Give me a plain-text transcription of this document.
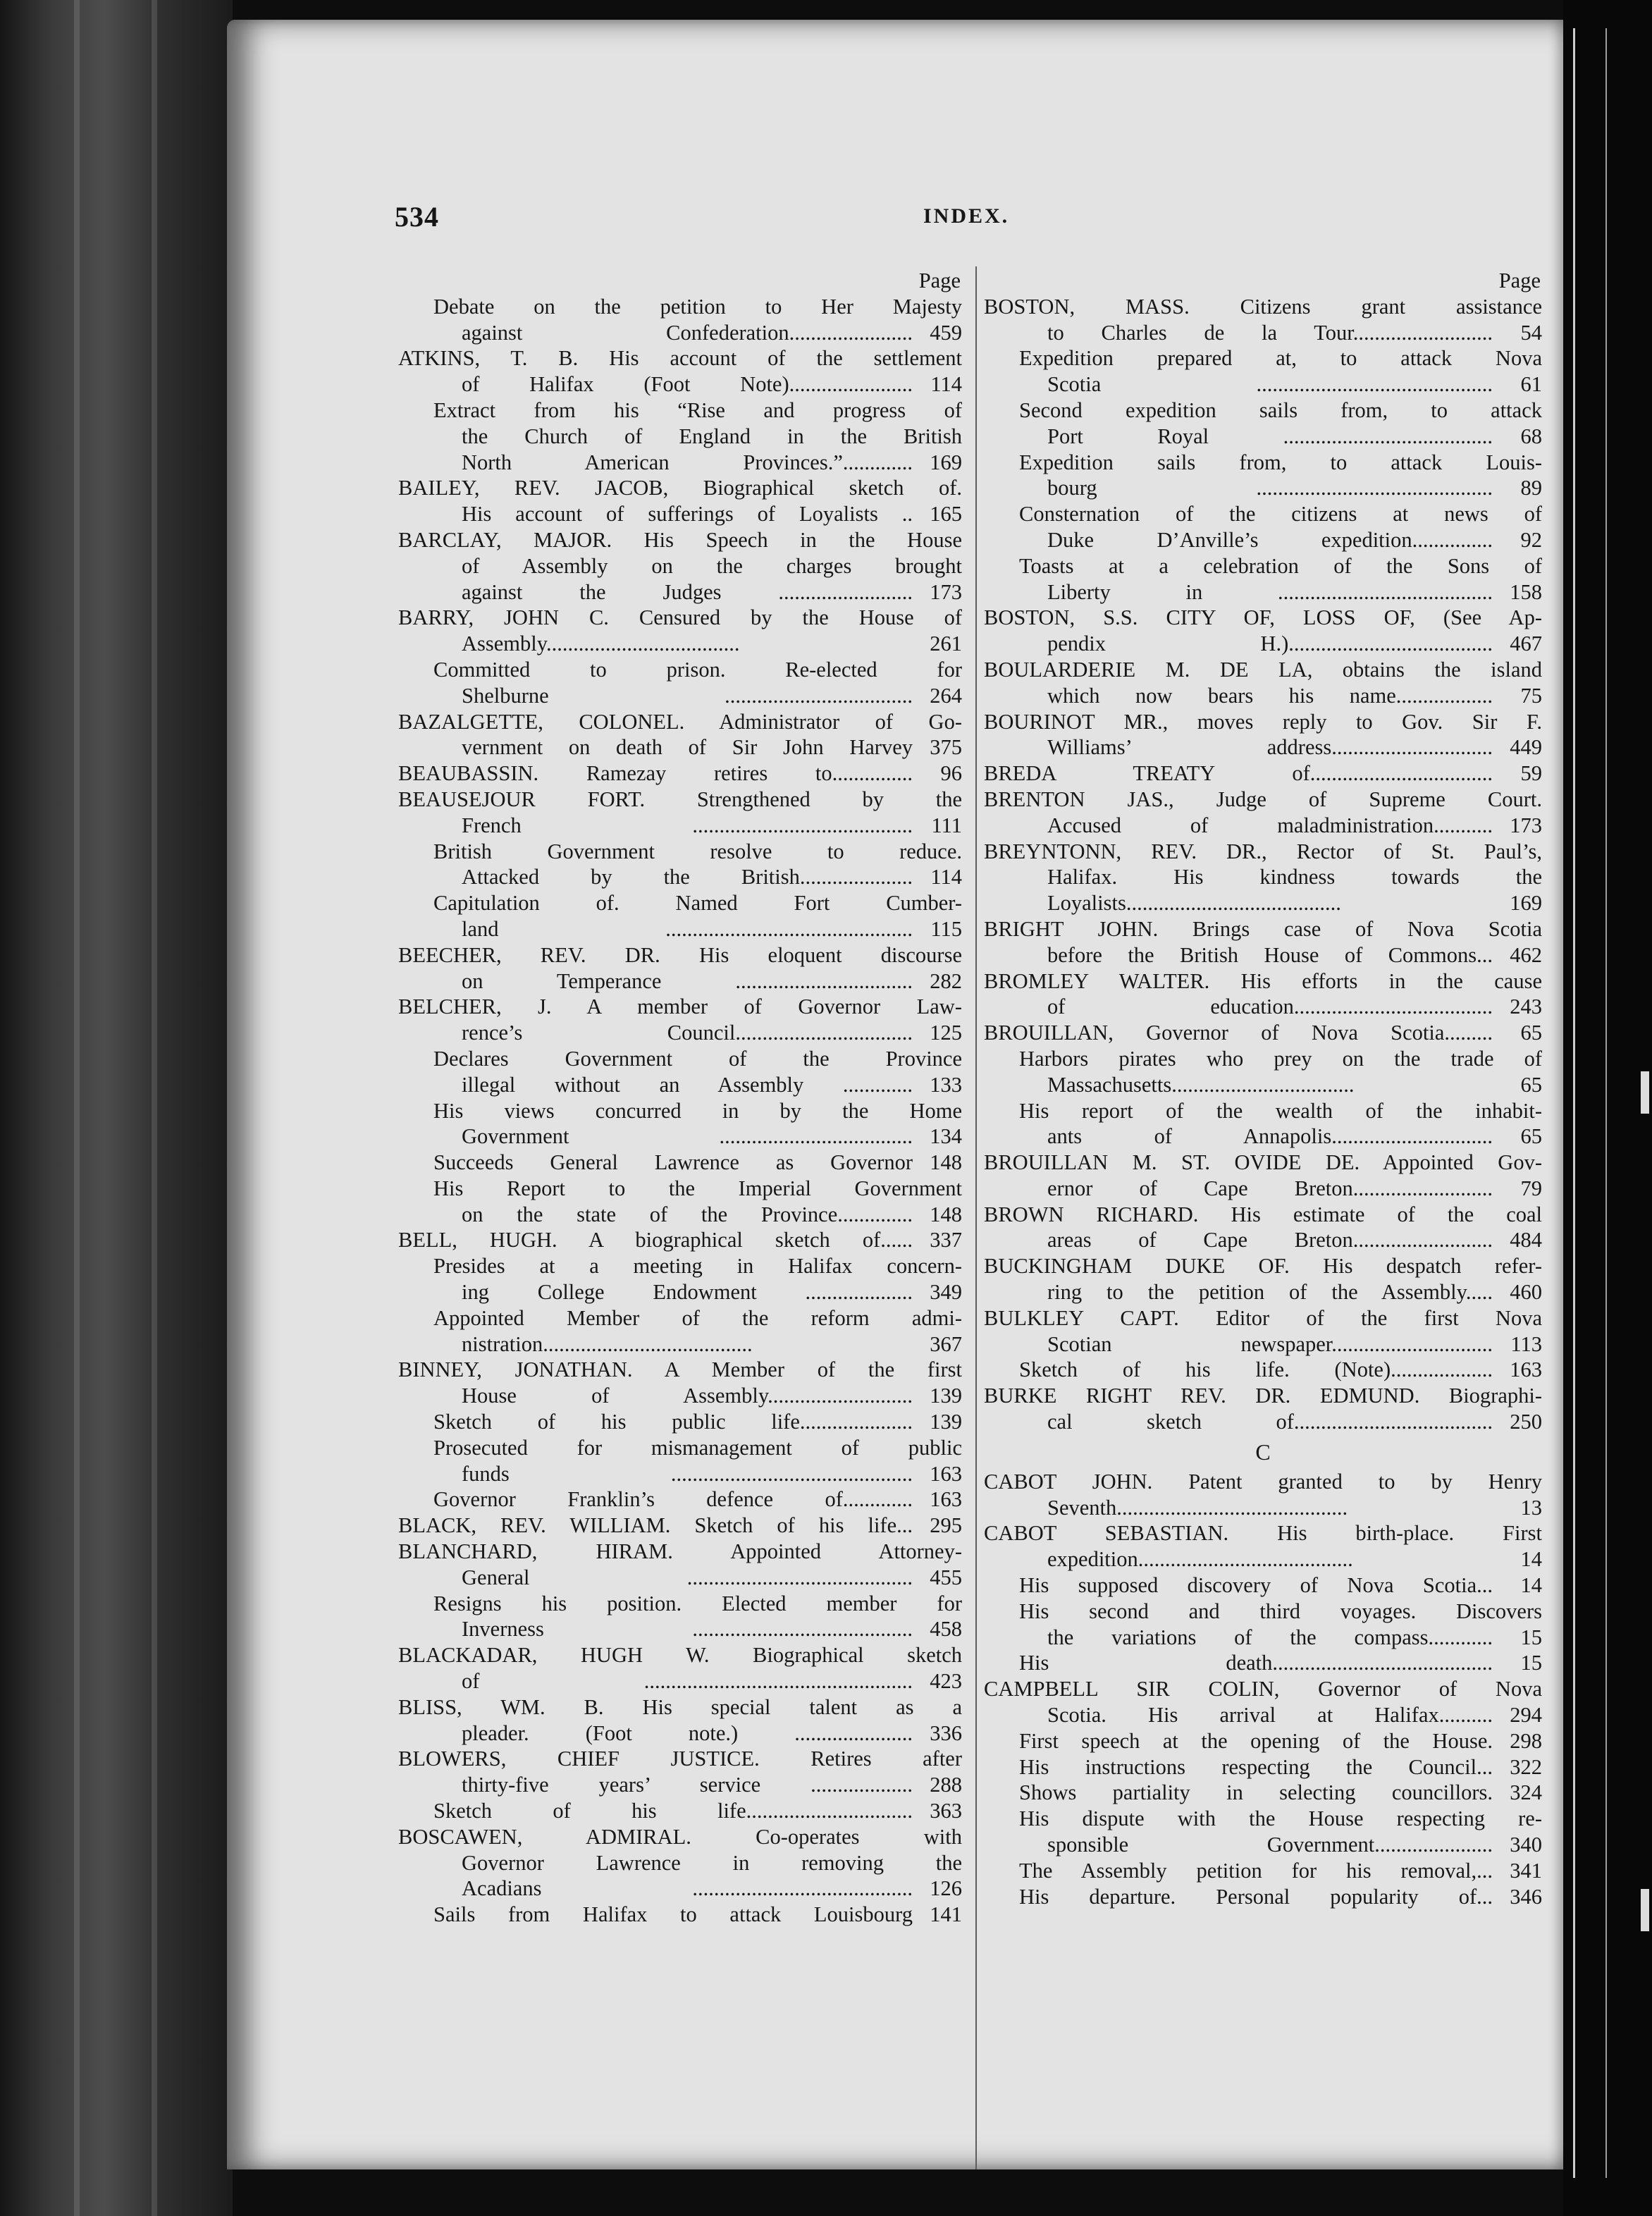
534	INDEX.
Page
Debate on the petition to Her Majesty
against Confederation....................... 459
ATKINS, T. B. His account of the settlement
of Halifax (Foot Note)....................... 114
Extract from his “Rise and progress of
the Church of England in the British
North American Provinces.”............. 169
BAILEY, REV. JACOB, Biographical sketch of.
His account of sufferings of Loyalists .. 165
BARCLAY, MAJOR. His Speech in the House
of Assembly on the charges brought
against the Judges ......................... 173
BARRY, JOHN C. Censured by the House of
Assembly....................................	261
Committed to prison. Re-elected for
Shelburne ................................... 264
BAZALGETTE, COLONEL. Administrator of Go-
vernment on death of Sir John Harvey 375
BEAUBASSIN. Ramezay retires to............... 96
BEAUSEJOUR FORT. Strengthened by the
French ......................................... 111
British Government resolve to reduce.
Attacked by the British..................... 114
Capitulation of. Named Fort Cumber-
land .............................................. 115
BEECHER, REV. DR. His eloquent discourse
on Temperance ................................. 282
BELCHER, J. A member of Governor Law-
rence’s Council................................. 125
Declares Government of the Province
illegal without an Assembly ............. 133
His views concurred in by the Home
Government .................................... 134
Succeeds General Lawrence as Governor 148
His Report to the Imperial Government
on the state of the Province.............. 148
BELL, HUGH. A biographical sketch of...... 337
Presides at a meeting in Halifax concern-
ing College Endowment .................... 349
Appointed Member of the reform admi-
nistration.......................................	367
BINNEY, JONATHAN. A Member of the first
House of Assembly........................... 139
Sketch of his public life..................... 139
Prosecuted for mismanagement of public
funds ............................................. 163
Governor Franklin’s defence of............. 163
BLACK, REV. WILLIAM. Sketch of his life... 295
BLANCHARD, HIRAM. Appointed Attorney-
General .......................................... 455
Resigns his position. Elected member for
Inverness ......................................... 458
BLACKADAR, HUGH W. Biographical sketch
of .................................................. 423
BLISS, WM. B. His special talent as a
pleader. (Foot note.) ...................... 336
BLOWERS, CHIEF JUSTICE. Retires after
thirty-five years’ service ................... 288
Sketch of his life............................... 363
BOSCAWEN, ADMIRAL. Co-operates with
Governor Lawrence in removing the
Acadians ......................................... 126
Sails from Halifax to attack Louisbourg 141
Page
BOSTON, MASS. Citizens grant assistance
to Charles de la Tour.......................... 54
Expedition prepared at, to attack Nova
Scotia ............................................ 61
Second expedition sails from, to attack
Port Royal ....................................... 68
Expedition sails from, to attack Louis-
bourg ............................................ 89
Consternation of the citizens at news of
Duke D’Anville’s expedition............... 92
Toasts at a celebration of the Sons of
Liberty in ........................................ 158
BOSTON, S.S. CITY OF, LOSS OF, (See Ap-
pendix H.)...................................... 467
BOULARDERIE M. DE LA, obtains the island
which now bears his name.................. 75
BOURINOT MR., moves reply to Gov. Sir F.
Williams’ address.............................. 449
BREDA TREATY of.................................. 59
BRENTON JAS., Judge of Supreme Court.
Accused of maladministration........... 173
BREYNTONN, REV. DR., Rector of St. Paul’s,
Halifax. His kindness towards the
Loyalists........................................	169
BRIGHT JOHN. Brings case of Nova Scotia
before the British House of Commons... 462
BROMLEY WALTER. His efforts in the cause
of education..................................... 243
BROUILLAN, Governor of Nova Scotia......... 65
Harbors pirates who prey on the trade of
Massachusetts..................................	65
His report of the wealth of the inhabit-
ants of Annapolis.............................. 65
BROUILLAN M. ST. OVIDE DE. Appointed Gov-
ernor of Cape Breton.......................... 79
BROWN RICHARD. His estimate of the coal
areas of Cape Breton.......................... 484
BUCKINGHAM DUKE OF. His despatch refer-
ring to the petition of the Assembly..... 460
BULKLEY CAPT. Editor of the first Nova
Scotian newspaper.............................. 113
Sketch of his life. (Note)................... 163
BURKE RIGHT REV. DR. EDMUND. Biographi-
cal sketch of..................................... 250
C
CABOT JOHN. Patent granted to by Henry
Seventh...........................................	13
CABOT SEBASTIAN. His birth-place. First
expedition........................................	14
His supposed discovery of Nova Scotia... 14
His second and third voyages. Discovers
the variations of the compass............ 15
His death......................................... 15
CAMPBELL SIR COLIN, Governor of Nova
Scotia. His arrival at Halifax.......... 294
First speech at the opening of the House. 298
His instructions respecting the Council... 322
Shows partiality in selecting councillors. 324
His dispute with the House respecting re-
sponsible Government...................... 340
The Assembly petition for his removal,... 341
His departure. Personal popularity of... 346
